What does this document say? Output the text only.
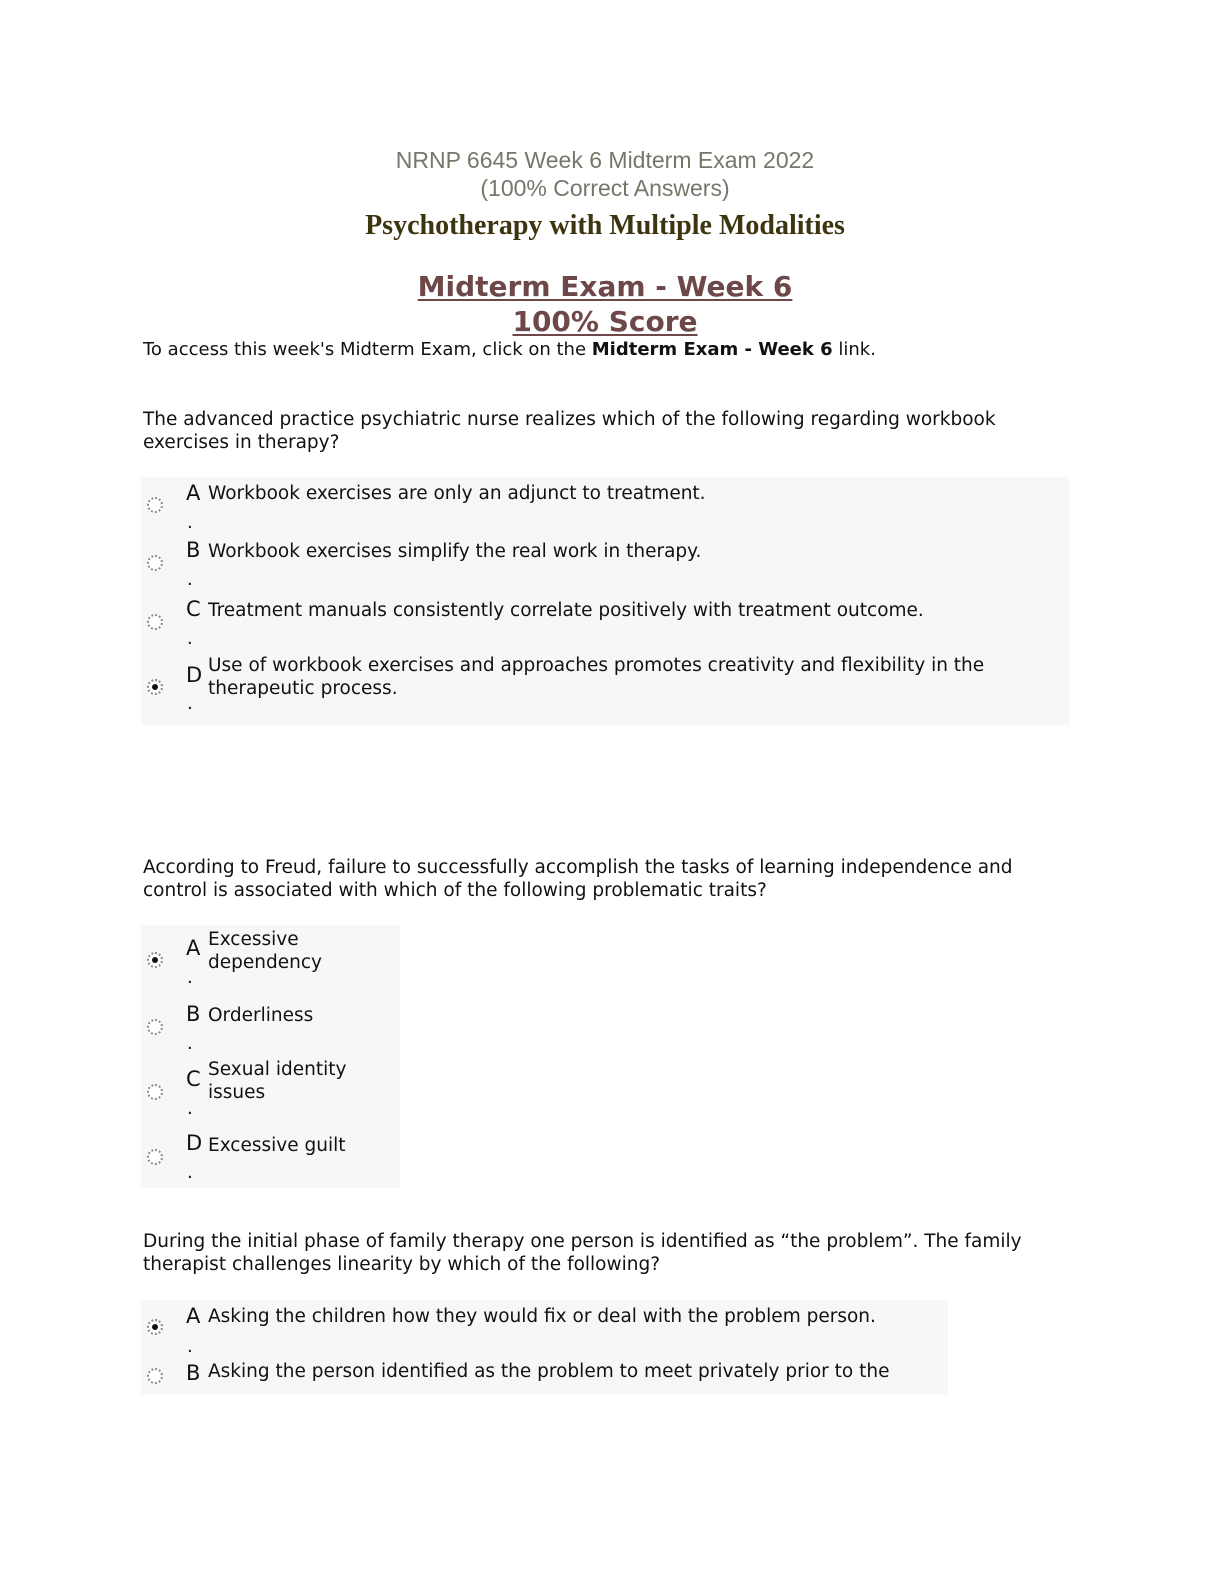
NRNP 6645 Week 6 Midterm Exam 2022
(100% Correct Answers)
Psychotherapy with Multiple Modalities
Midterm Exam - Week 6
100% Score
To access this week's Midterm Exam, click on the Midterm Exam - Week 6 link.
The advanced practice psychiatric nurse realizes which of the following regarding workbook exercises in therapy?
A
.
Workbook exercises are only an adjunct to treatment.
B
.
Workbook exercises simplify the real work in therapy.
C
.
Treatment manuals consistently correlate positively with treatment outcome.
D
.
Use of workbook exercises and approaches promotes creativity and flexibility in the therapeutic process.
According to Freud, failure to successfully accomplish the tasks of learning independence and control is associated with which of the following problematic traits?
A
.
Excessive dependency
B
.
Orderliness
C
.
Sexual identity issues
D
.
Excessive guilt
During the initial phase of family therapy one person is identified as “the problem”. The family therapist challenges linearity by which of the following?
A
.
Asking the children how they would fix or deal with the problem person.
B Asking the person identified as the problem to meet privately prior to the
